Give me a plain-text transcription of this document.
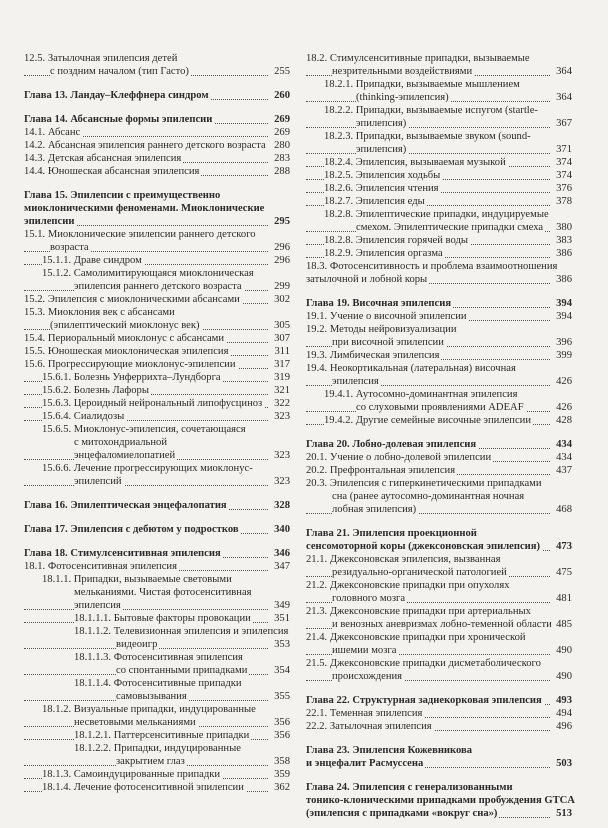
12.5. Затылочная эпилепсия детей
с поздним началом (тип Гасто)	255
Глава 13. Ландау–Клеффнера синдром	260
Глава 14. Абсансные формы эпилепсии	269
14.1. Абсанс	269
14.2. Абсансная эпилепсия раннего детского возраста 280
14.3. Детская абсансная эпилепсия	283
14.4. Юношеская абсансная эпилепсия	288
Глава 15. Эпилепсии с преимущественно
миоклоническими феноменами. Миоклонические
эпилепсии	295
15.1. Миоклонические эпилепсии раннего детского
возраста	296
15.1.1. Драве синдром	296
15.1.2. Самолимитирующаяся миоклоническая
эпилепсия раннего детского возраста	299
15.2. Эпилепсия с миоклоническими абсансами	302
15.3. Миоклония век с абсансами
(эпилептический миоклонус век)	305
15.4. Периоральный миоклонус с абсансами	307
15.5. Юношеская миоклоническая эпилепсия	311
15.6. Прогрессирующие миоклонус-эпилепсии	317
15.6.1. Болезнь Унферрихта–Лундборга	319
15.6.2. Болезнь Лафоры	321
15.6.3. Цероидный нейрональный липофусциноз 322
15.6.4. Сиалидозы	323
15.6.5. Миоклонус-эпилепсия, сочетающаяся
с митохондриальной
энцефаломиелопатией	323
15.6.6. Лечение прогрессирующих миоклонус-
эпилепсий	323
Глава 16. Эпилептическая энцефалопатия	328
Глава 17. Эпилепсия с дебютом у подростков	340
Глава 18. Стимулсенситивная эпилепсия	346
18.1. Фотосенситивная эпилепсия	347
18.1.1. Припадки, вызываемые световыми
мельканиями. Чистая фотосенситивная
эпилепсия	349
18.1.1.1. Бытовые факторы провокации 351
18.1.1.2. Телевизионная эпилепсия и эпилепсия
видеоигр	353
18.1.1.3. Фотосенситивная эпилепсия
со спонтанными припадками	354
18.1.1.4. Фотосенситивные припадки
самовызывания	355
18.1.2. Визуальные припадки, индуцированные
несветовыми мельканиями	356
18.1.2.1. Паттерсенситивные припадки 356
18.1.2.2. Припадки, индуцированные
закрытием глаз	358
18.1.3. Самоиндуцированные припадки	359
18.1.4. Лечение фотосенситивной эпилепсии	362
18.2. Стимулсенситивные припадки, вызываемые
незрительными воздействиями	364
18.2.1. Припадки, вызываемые мышлением
(thinking-эпилепсия)	364
18.2.2. Припадки, вызываемые испугом (startle-
эпилепсия)	367
18.2.3. Припадки, вызываемые звуком (sound-
эпилепсия)	371
18.2.4. Эпилепсия, вызываемая музыкой	374
18.2.5. Эпилепсия ходьбы	374
18.2.6. Эпилепсия чтения	376
18.2.7. Эпилепсия еды	378
18.2.8. Эпилептические припадки, индуцируемые
смехом. Эпилептические припадки смеха 380
18.2.8. Эпилепсия горячей воды	383
18.2.9. Эпилепсия оргазма	386
18.3. Фотосенситивность и проблема взаимоотношения
затылочной и лобной коры	386
Глава 19. Височная эпилепсия	394
19.1. Учение о височной эпилепсии	394
19.2. Методы нейровизуализации
при височной эпилепсии	396
19.3. Лимбическая эпилепсия	399
19.4. Неокортикальная (латеральная) височная
эпилепсия	426
19.4.1. Аутосомно-доминантная эпилепсия
со слуховыми проявлениями ADEAF	426
19.4.2. Другие семейные височные эпилепсии 428
Глава 20. Лобно-долевая эпилепсия	434
20.1. Учение о лобно-долевой эпилепсии	434
20.2. Префронтальная эпилепсия	437
20.3. Эпилепсия с гиперкинетическими припадками
сна (ранее аутосомно-доминантная ночная
лобная эпилепсия)	468
Глава 21. Эпилепсия проекционной
сенсомоторной коры (джексоновская эпилепсия) 473
21.1. Джексоновская эпилепсия, вызванная
резидуально-органической патологией	475
21.2. Джексоновские припадки при опухолях
головного мозга	481
21.3. Джексоновские припадки при артериальных
и венозных аневризмах лобно-теменной области 485
21.4. Джексоновские припадки при хронической
ишемии мозга	490
21.5. Джексоновские припадки дисметаболического
происхождения	490
Глава 22. Структурная заднекорковая эпилепсия 493
22.1. Теменная эпилепсия	494
22.2. Затылочная эпилепсия	496
Глава 23. Эпилепсия Кожевникова
и энцефалит Расмуссена	503
Глава 24. Эпилепсия с генерализованными
тонико-клоническими припадками пробуждения GTCA
(эпилепсия с припадками «вокруг сна»)	513
